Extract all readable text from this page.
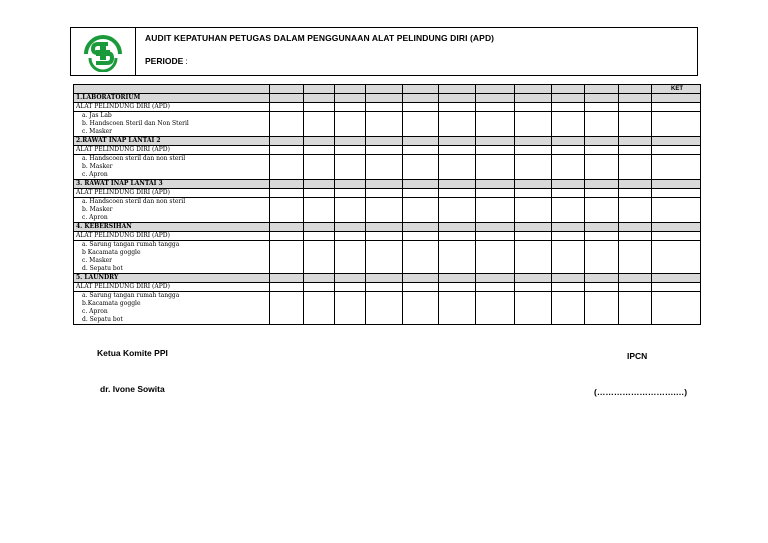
AUDIT KEPATUHAN PETUGAS DALAM PENGGUNAAN ALAT PELINDUNG DIRI (APD)
PERIODE :
												KET
1.LABORATORIUM												
ALAT PELINDUNG DIRI (APD)												

a. Jas Lab
b. Handscoen Steril dan Non Steril
c. Masker												

2.RAWAT INAP LANTAI 2												
ALAT PELINDUNG DIRI (APD)												

a. Handscoen steril dan non steril
b. Masker
c. Apron												

3. RAWAT INAP LANTAI 3												
ALAT PELINDUNG DIRI (APD)												

a. Handscoen steril dan non steril
b. Masker
c. Apron												

4. KEBERSIHAN												
ALAT PELINDUNG DIRI (APD)												

a. Sarung tangan rumah tangga
b Kacamata goggle
c. Masker
d. Sepatu bot												

5. LAUNDRY												
ALAT PELINDUNG DIRI (APD)												

a. Sarung tangan rumah tangga
b.Kacamata goggle
c. Apron
d. Sepatu bot												

Ketua Komite PPI
dr. Ivone Sowita
IPCN
(……………………….…)
